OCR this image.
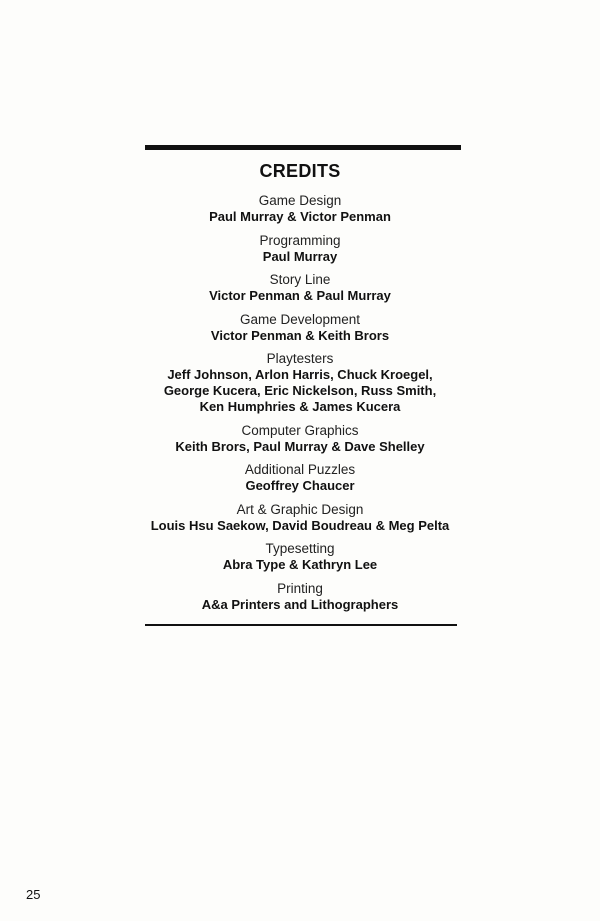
CREDITS
Game Design
Paul Murray & Victor Penman
Programming
Paul Murray
Story Line
Victor Penman & Paul Murray
Game Development
Victor Penman & Keith Brors
Playtesters
Jeff Johnson, Arlon Harris, Chuck Kroegel,
George Kucera, Eric Nickelson, Russ Smith,
Ken Humphries & James Kucera
Computer Graphics
Keith Brors, Paul Murray & Dave Shelley
Additional Puzzles
Geoffrey Chaucer
Art & Graphic Design
Louis Hsu Saekow, David Boudreau & Meg Pelta
Typesetting
Abra Type & Kathryn Lee
Printing
A&a Printers and Lithographers
25
